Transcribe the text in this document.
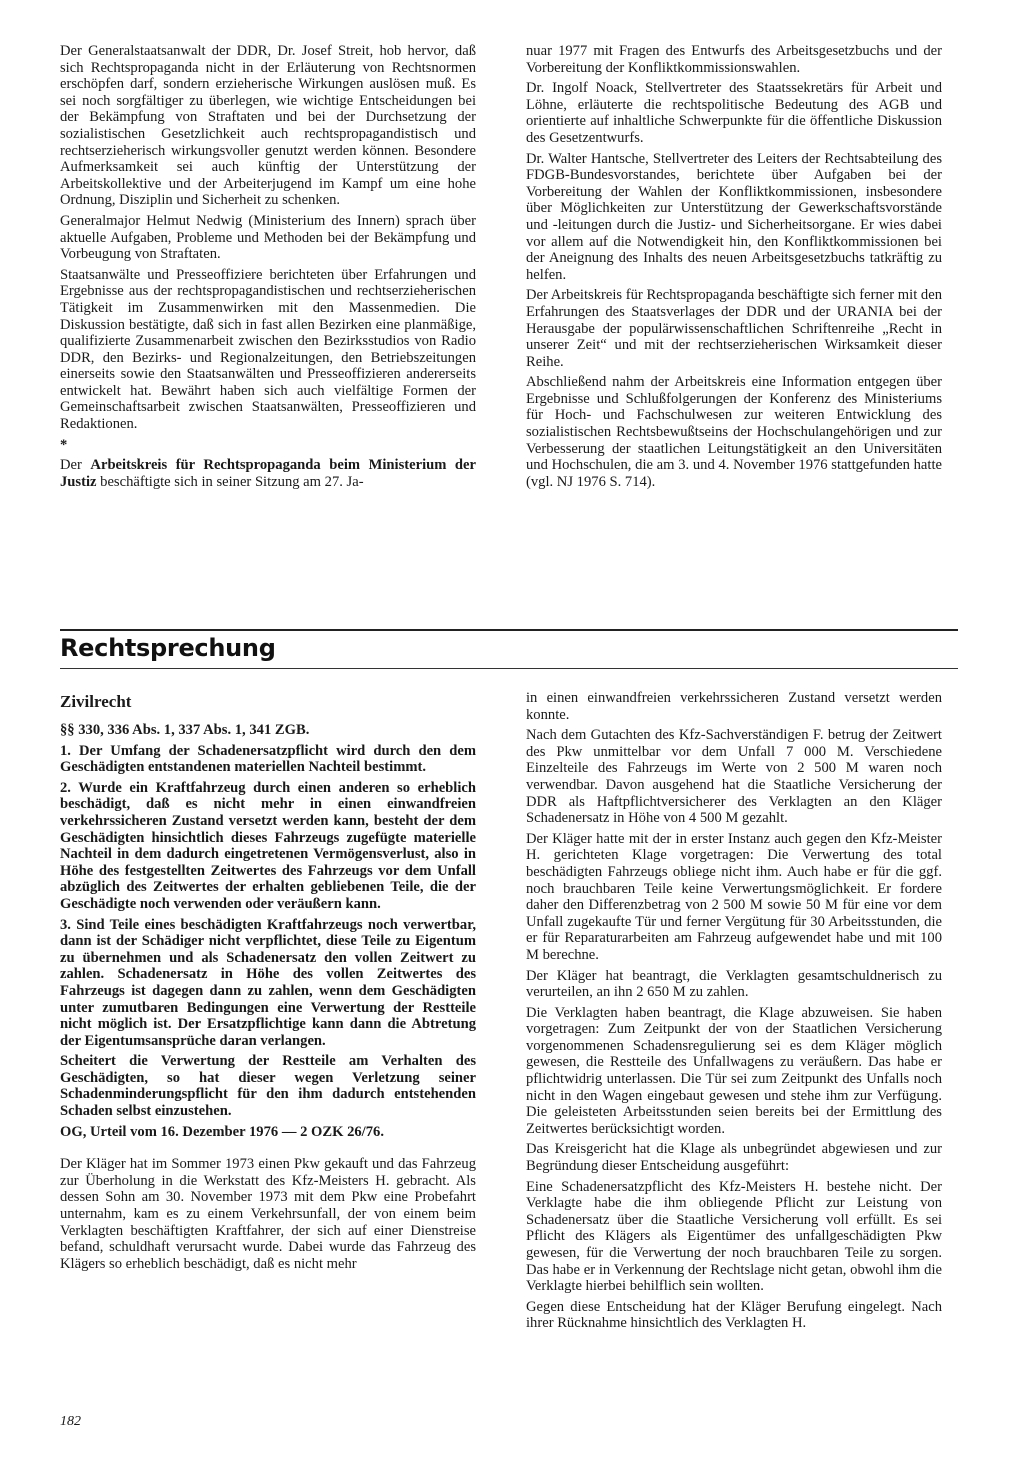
Der Generalstaatsanwalt der DDR, Dr. Josef Streit, hob hervor, daß sich Rechtspropaganda nicht in der Erläuterung von Rechtsnormen erschöpfen darf, sondern erzieherische Wirkungen auslösen muß. Es sei noch sorgfältiger zu überlegen, wie wichtige Entscheidungen bei der Bekämpfung von Straftaten und bei der Durchsetzung der sozialistischen Gesetzlichkeit auch rechtspropagandistisch und rechtserzieherisch wirkungsvoller genutzt werden können. Besondere Aufmerksamkeit sei auch künftig der Unterstützung der Arbeitskollektive und der Arbeiterjugend im Kampf um eine hohe Ordnung, Disziplin und Sicherheit zu schenken.

Generalmajor Helmut Nedwig (Ministerium des Innern) sprach über aktuelle Aufgaben, Probleme und Methoden bei der Bekämpfung und Vorbeugung von Straftaten.

Staatsanwälte und Presseoffiziere berichteten über Erfahrungen und Ergebnisse aus der rechtspropagandistischen und rechtserzieherischen Tätigkeit im Zusammenwirken mit den Massenmedien. Die Diskussion bestätigte, daß sich in fast allen Bezirken eine planmäßige, qualifizierte Zusammenarbeit zwischen den Bezirksstudios von Radio DDR, den Bezirks- und Regionalzeitungen, den Betriebszeitungen einerseits sowie den Staatsanwälten und Presseoffizieren andererseits entwickelt hat. Bewährt haben sich auch vielfältige Formen der Gemeinschaftsarbeit zwischen Staatsanwälten, Presseoffizieren und Redaktionen.

*

Der Arbeitskreis für Rechtspropaganda beim Ministerium der Justiz beschäftigte sich in seiner Sitzung am 27. Ja-

nuar 1977 mit Fragen des Entwurfs des Arbeitsgesetzbuchs und der Vorbereitung der Konfliktkommissionswahlen.

Dr. Ingolf Noack, Stellvertreter des Staatssekretärs für Arbeit und Löhne, erläuterte die rechtspolitische Bedeutung des AGB und orientierte auf inhaltliche Schwerpunkte für die öffentliche Diskussion des Gesetzentwurfs.

Dr. Walter Hantsche, Stellvertreter des Leiters der Rechtsabteilung des FDGB-Bundesvorstandes, berichtete über Aufgaben bei der Vorbereitung der Wahlen der Konfliktkommissionen, insbesondere über Möglichkeiten zur Unterstützung der Gewerkschaftsvorstände und -leitungen durch die Justiz- und Sicherheitsorgane. Er wies dabei vor allem auf die Notwendigkeit hin, den Konfliktkommissionen bei der Aneignung des Inhalts des neuen Arbeitsgesetzbuchs tatkräftig zu helfen.

Der Arbeitskreis für Rechtspropaganda beschäftigte sich ferner mit den Erfahrungen des Staatsverlages der DDR und der URANIA bei der Herausgabe der populärwissenschaftlichen Schriftenreihe „Recht in unserer Zeit“ und mit der rechtserzieherischen Wirksamkeit dieser Reihe.

Abschließend nahm der Arbeitskreis eine Information entgegen über Ergebnisse und Schlußfolgerungen der Konferenz des Ministeriums für Hoch- und Fachschulwesen zur weiteren Entwicklung des sozialistischen Rechtsbewußtseins der Hochschulangehörigen und zur Verbesserung der staatlichen Leitungstätigkeit an den Universitäten und Hochschulen, die am 3. und 4. November 1976 stattgefunden hatte (vgl. NJ 1976 S. 714).

Rechtsprechung

Zivilrecht

§§ 330, 336 Abs. 1, 337 Abs. 1, 341 ZGB.

1. Der Umfang der Schadenersatzpflicht wird durch den dem Geschädigten entstandenen materiellen Nachteil bestimmt.

2. Wurde ein Kraftfahrzeug durch einen anderen so erheblich beschädigt, daß es nicht mehr in einen einwandfreien verkehrssicheren Zustand versetzt werden kann, besteht der dem Geschädigten hinsichtlich dieses Fahrzeugs zugefügte materielle Nachteil in dem dadurch eingetretenen Vermögensverlust, also in Höhe des festgestellten Zeitwertes des Fahrzeugs vor dem Unfall abzüglich des Zeitwertes der erhalten gebliebenen Teile, die der Geschädigte noch verwenden oder veräußern kann.

3. Sind Teile eines beschädigten Kraftfahrzeugs noch verwertbar, dann ist der Schädiger nicht verpflichtet, diese Teile zu Eigentum zu übernehmen und als Schadenersatz den vollen Zeitwert zu zahlen. Schadenersatz in Höhe des vollen Zeitwertes des Fahrzeugs ist dagegen dann zu zahlen, wenn dem Geschädigten unter zumutbaren Bedingungen eine Verwertung der Restteile nicht möglich ist. Der Ersatzpflichtige kann dann die Abtretung der Eigentumsansprüche daran verlangen.

Scheitert die Verwertung der Restteile am Verhalten des Geschädigten, so hat dieser wegen Verletzung seiner Schadenminderungspflicht für den ihm dadurch entstehenden Schaden selbst einzustehen.

OG, Urteil vom 16. Dezember 1976 — 2 OZK 26/76.

Der Kläger hat im Sommer 1973 einen Pkw gekauft und das Fahrzeug zur Überholung in die Werkstatt des Kfz-Meisters H. gebracht. Als dessen Sohn am 30. November 1973 mit dem Pkw eine Probefahrt unternahm, kam es zu einem Verkehrsunfall, der von einem beim Verklagten beschäftigten Kraftfahrer, der sich auf einer Dienstreise befand, schuldhaft verursacht wurde. Dabei wurde das Fahrzeug des Klägers so erheblich beschädigt, daß es nicht mehr

in einen einwandfreien verkehrssicheren Zustand versetzt werden konnte.

Nach dem Gutachten des Kfz-Sachverständigen F. betrug der Zeitwert des Pkw unmittelbar vor dem Unfall 7 000 M. Verschiedene Einzelteile des Fahrzeugs im Werte von 2 500 M waren noch verwendbar. Davon ausgehend hat die Staatliche Versicherung der DDR als Haftpflichtversicherer des Verklagten an den Kläger Schadenersatz in Höhe von 4 500 M gezahlt.

Der Kläger hatte mit der in erster Instanz auch gegen den Kfz-Meister H. gerichteten Klage vorgetragen: Die Verwertung des total beschädigten Fahrzeugs obliege nicht ihm. Auch habe er für die ggf. noch brauchbaren Teile keine Verwertungsmöglichkeit. Er fordere daher den Differenzbetrag von 2 500 M sowie 50 M für eine vor dem Unfall zugekaufte Tür und ferner Vergütung für 30 Arbeitsstunden, die er für Reparaturarbeiten am Fahrzeug aufgewendet habe und mit 100 M berechne.

Der Kläger hat beantragt, die Verklagten gesamtschuldnerisch zu verurteilen, an ihn 2 650 M zu zahlen.

Die Verklagten haben beantragt, die Klage abzuweisen. Sie haben vorgetragen: Zum Zeitpunkt der von der Staatlichen Versicherung vorgenommenen Schadensregulierung sei es dem Kläger möglich gewesen, die Restteile des Unfallwagens zu veräußern. Das habe er pflichtwidrig unterlassen. Die Tür sei zum Zeitpunkt des Unfalls noch nicht in den Wagen eingebaut gewesen und stehe ihm zur Verfügung. Die geleisteten Arbeitsstunden seien bereits bei der Ermittlung des Zeitwertes berücksichtigt worden.

Das Kreisgericht hat die Klage als unbegründet abgewiesen und zur Begründung dieser Entscheidung ausgeführt:

Eine Schadenersatzpflicht des Kfz-Meisters H. bestehe nicht. Der Verklagte habe die ihm obliegende Pflicht zur Leistung von Schadenersatz über die Staatliche Versicherung voll erfüllt. Es sei Pflicht des Klägers als Eigentümer des unfallgeschädigten Pkw gewesen, für die Verwertung der noch brauchbaren Teile zu sorgen. Das habe er in Verkennung der Rechtslage nicht getan, obwohl ihm die Verklagte hierbei behilflich sein wollten.

Gegen diese Entscheidung hat der Kläger Berufung eingelegt. Nach ihrer Rücknahme hinsichtlich des Verklagten H.

182
